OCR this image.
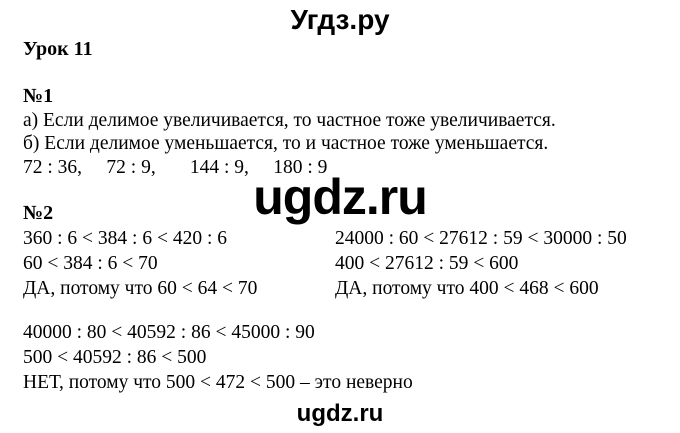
Угдз.ру
Урок 11
№1
а) Если делимое увеличивается, то частное тоже увеличивается.
б) Если делимое уменьшается, то и частное тоже уменьшается.
72 : 36,     72 : 9,       144 : 9,     180 : 9
ugdz.ru
№2
360 : 6 < 384 : 6 < 420 : 6
60 < 384 : 6 < 70
ДА, потому что 60 < 64 < 70
24000 : 60 < 27612 : 59 < 30000 : 50
400 < 27612 : 59 < 600
ДА, потому что 400 < 468 < 600
40000 : 80 < 40592 : 86 < 45000 : 90
500 < 40592 : 86 < 500
НЕТ, потому что 500 < 472 < 500 – это неверно
ugdz.ru
